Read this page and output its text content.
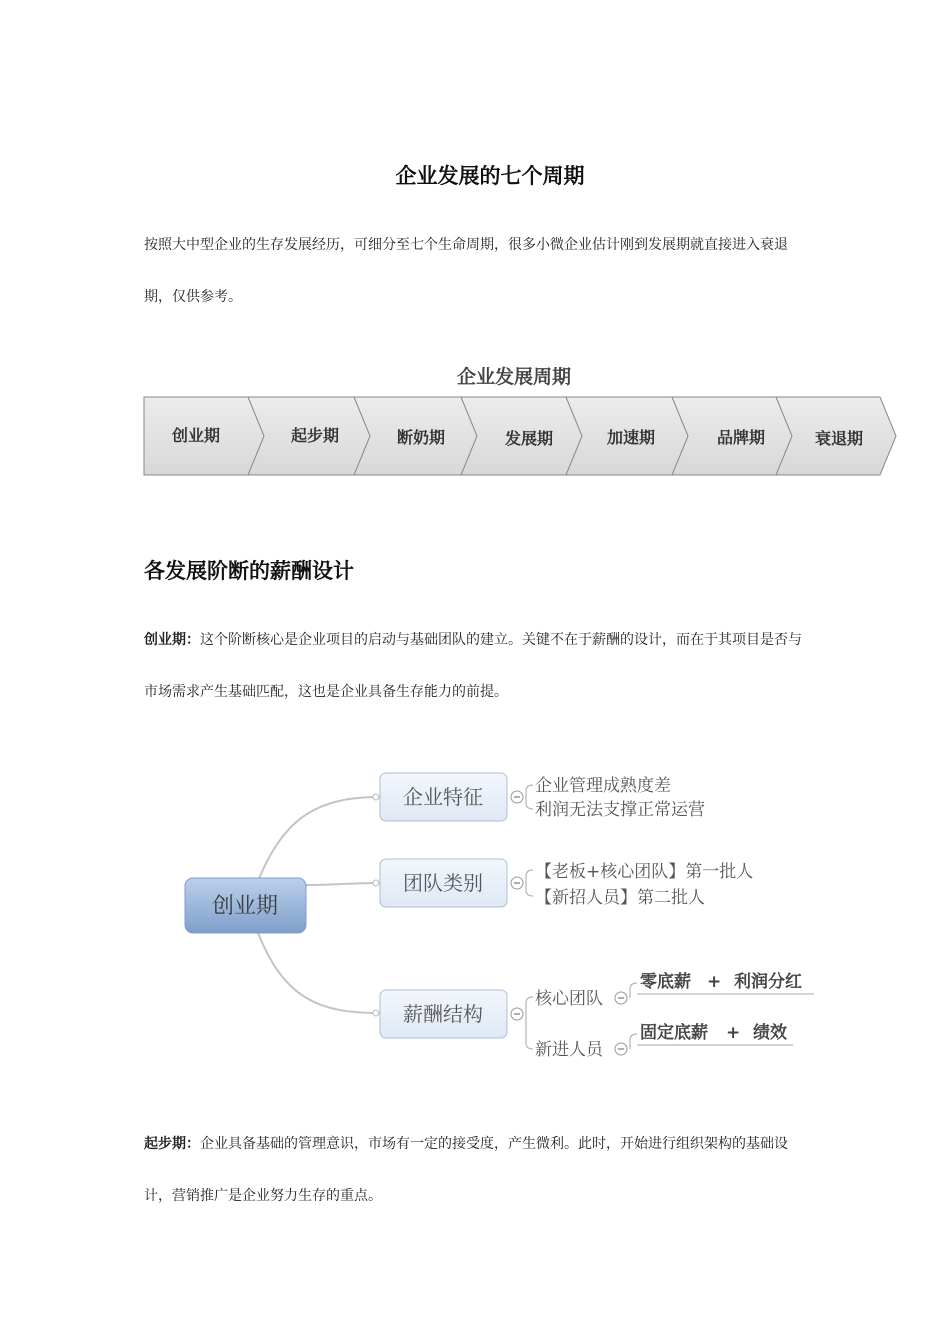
企业发展的七个周期
按照大中型企业的生存发展经历，可细分至七个生命周期，很多小微企业估计刚到发展期就直接进入衰退期，仅供参考。
企业发展周期
创业期	起步期	断奶期	发展期	加速期	品牌期	衰退期
各发展阶断的薪酬设计
创业期：这个阶断核心是企业项目的启动与基础团队的建立。关键不在于薪酬的设计，而在于其项目是否与市场需求产生基础匹配，这也是企业具备生存能力的前提。
创业期
企业特征
团队类别
薪酬结构
企业管理成熟度差
利润无法支撑正常运营
【老板+核心团队】第一批人
【新招人员】第二批人
核心团队
新进人员
零底薪 + 利润分红
固定底薪 + 绩效
起步期：企业具备基础的管理意识，市场有一定的接受度，产生微利。此时，开始进行组织架构的基础设计，营销推广是企业努力生存的重点。
